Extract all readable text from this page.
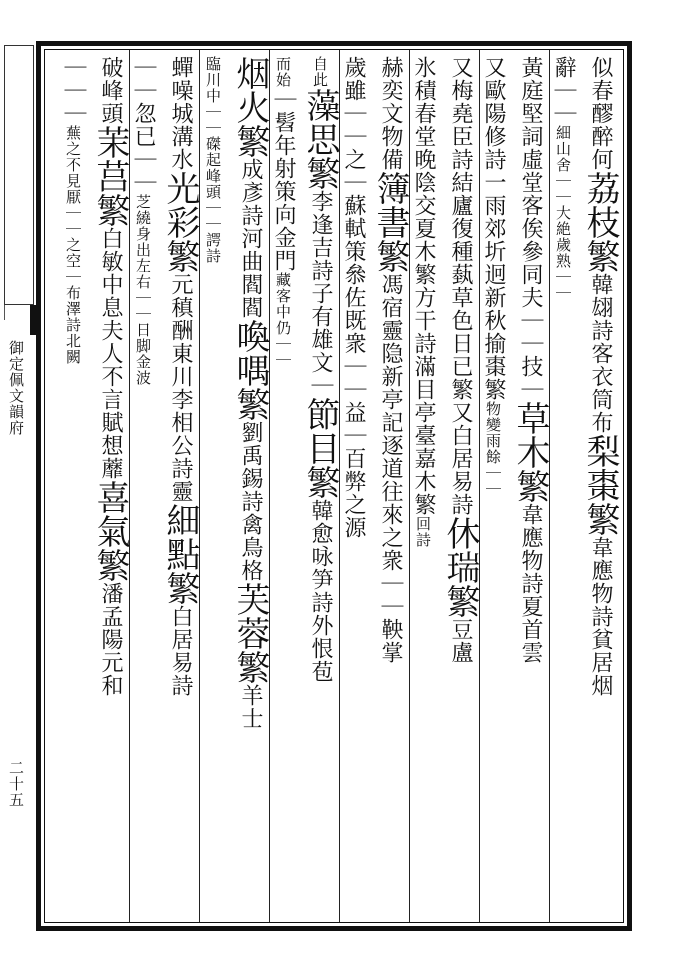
御定佩文韻府
二十五
似春醪醉何荔枝繁韓翃詩客衣筒布梨棗繁韋應物詩貧居烟
辭｜｜細山舍｜｜大絶歲熟｜｜
黃庭堅詞虛堂客俟參同夫｜｜技｜草木繁韋應物詩夏首雲
又歐陽修詩一雨郊圻迥新秋揄棗繁物變雨餘｜｜
又梅堯臣詩結廬復種蓺草色日已繁又白居易詩休瑞繁豆盧
氷積春堂晚陰交夏木繁方干詩滿目亭臺嘉木繁回詩
赫奕文物備簿書繁馮宿靈隐新亭記逐道往來之衆｜｜鞅掌
歲雖｜｜之｜蘇軾策叅佐既衆｜｜益｜百弊之源
自此藻思繁李逢吉詩子有雄文｜節目繁韓愈咏笋詩外恨苞
而始｜髫年射策向金門藏客中仍｜｜
烟火繁成彥詩河曲閻閻喚喁繁劉禹錫詩禽鳥格芙蓉繁羊士
臨川中｜｜磔起峰頭｜｜諤詩
蟬噪城溝水光彩繁元稹酬東川李相公詩靈細點繁白居易詩
｜｜忽已｜｜芝繞身出左右｜｜日脚金波
破峰頭茉莒繁白敏中息夫人不言賦想蘼喜氣繁潘孟陽元和
｜｜｜蕪之不見厭｜｜之空｜布澤詩北闕
